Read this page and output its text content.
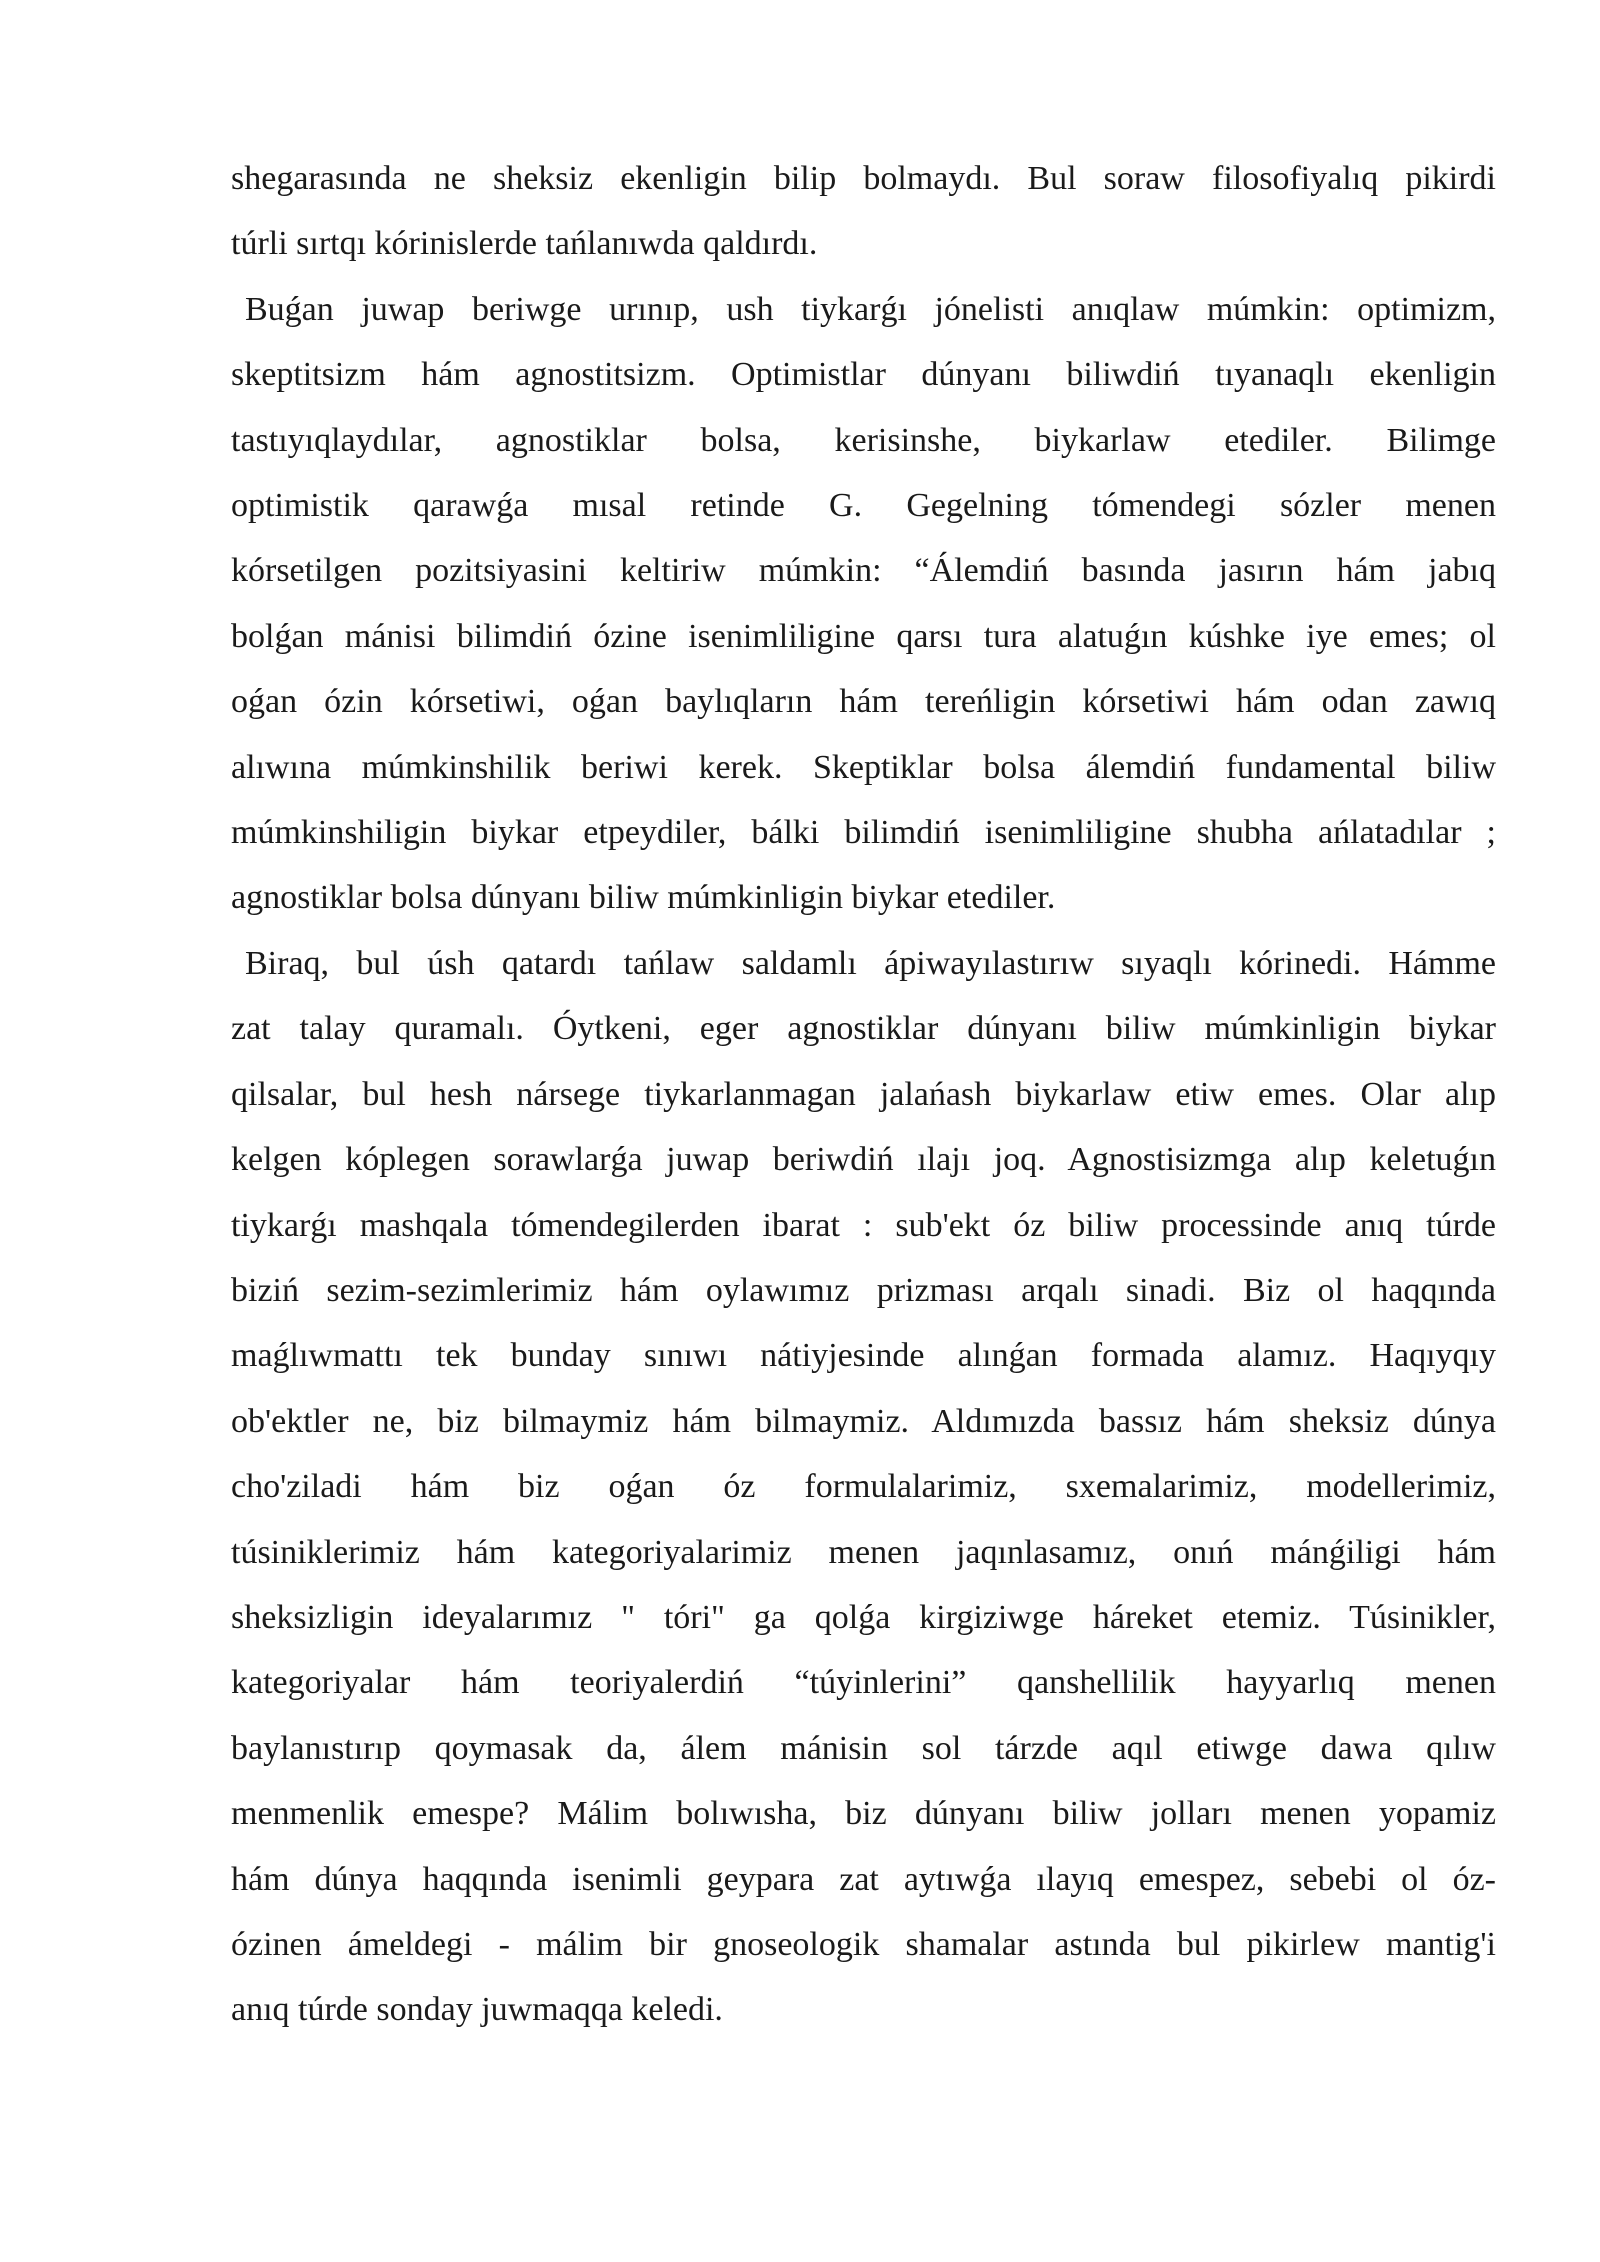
shegarasında ne sheksiz ekenligin bilip bolmaydı. Bul soraw filosofiyalıq pikirdi
túrli sırtqı kórinislerde tańlanıwda qaldırdı.

Buǵan juwap beriwge urınıp, ush tiykarǵı jónelisti anıqlaw múmkin: optimizm,
skeptitsizm hám agnostitsizm. Optimistlar dúnyanı biliwdiń tıyanaqlı ekenligin
tastıyıqlaydılar, agnostiklar bolsa, kerisinshe, biykarlaw etediler. Bilimge
optimistik qarawǵa mısal retinde G. Gegelning tómendegi sózler menen
kórsetilgen pozitsiyasini keltiriw múmkin: “Álemdiń basında jasırın hám jabıq
bolǵan mánisi bilimdiń ózine isenimliligine qarsı tura alatuǵın kúshke iye emes; ol
oǵan ózin kórsetiwi, oǵan baylıqların hám tereńligin kórsetiwi hám odan zawıq
alıwına múmkinshilik beriwi kerek. Skeptiklar bolsa álemdiń fundamental biliw
múmkinshiligin biykar etpeydiler, bálki bilimdiń isenimliligine shubha ańlatadılar ;
agnostiklar bolsa dúnyanı biliw múmkinligin biykar etediler.

Biraq, bul úsh qatardı tańlaw saldamlı ápiwayılastırıw sıyaqlı kórinedi. Hámme
zat talay quramalı. Óytkeni, eger agnostiklar dúnyanı biliw múmkinligin biykar
qilsalar, bul hesh nársege tiykarlanmagan jalańash biykarlaw etiw emes. Olar alıp
kelgen kóplegen sorawlarǵa juwap beriwdiń ılajı joq. Agnostisizmga alıp keletuǵın
tiykarǵı mashqala tómendegilerden ibarat : sub'ekt óz biliw processinde anıq túrde
biziń sezim-sezimlerimiz hám oylawımız prizması arqalı sinadi. Biz ol haqqında
maǵlıwmattı tek bunday sınıwı nátiyjesinde alınǵan formada alamız. Haqıyqıy
ob'ektler ne, biz bilmaymiz hám bilmaymiz. Aldımızda bassız hám sheksiz dúnya
cho'ziladi hám biz oǵan óz formulalarimiz, sxemalarimiz, modellerimiz,
túsiniklerimiz hám kategoriyalarimiz menen jaqınlasamız, onıń mánǵiligi hám
sheksizligin ideyalarımız " tóri" ga qolǵa kirgiziwge háreket etemiz. Túsinikler,
kategoriyalar hám teoriyalerdiń “túyinlerini” qanshellilik hayyarlıq menen
baylanıstırıp qoymasak da, álem mánisin sol tárzde aqıl etiwge dawa qılıw
menmenlik emespe? Málim bolıwısha, biz dúnyanı biliw jolları menen yopamiz
hám dúnya haqqında isenimli geypara zat aytıwǵa ılayıq emespez, sebebi ol óz-
ózinen ámeldegi - málim bir gnoseologik shamalar astında bul pikirlew mantig'i
anıq túrde sonday juwmaqqa keledi.
